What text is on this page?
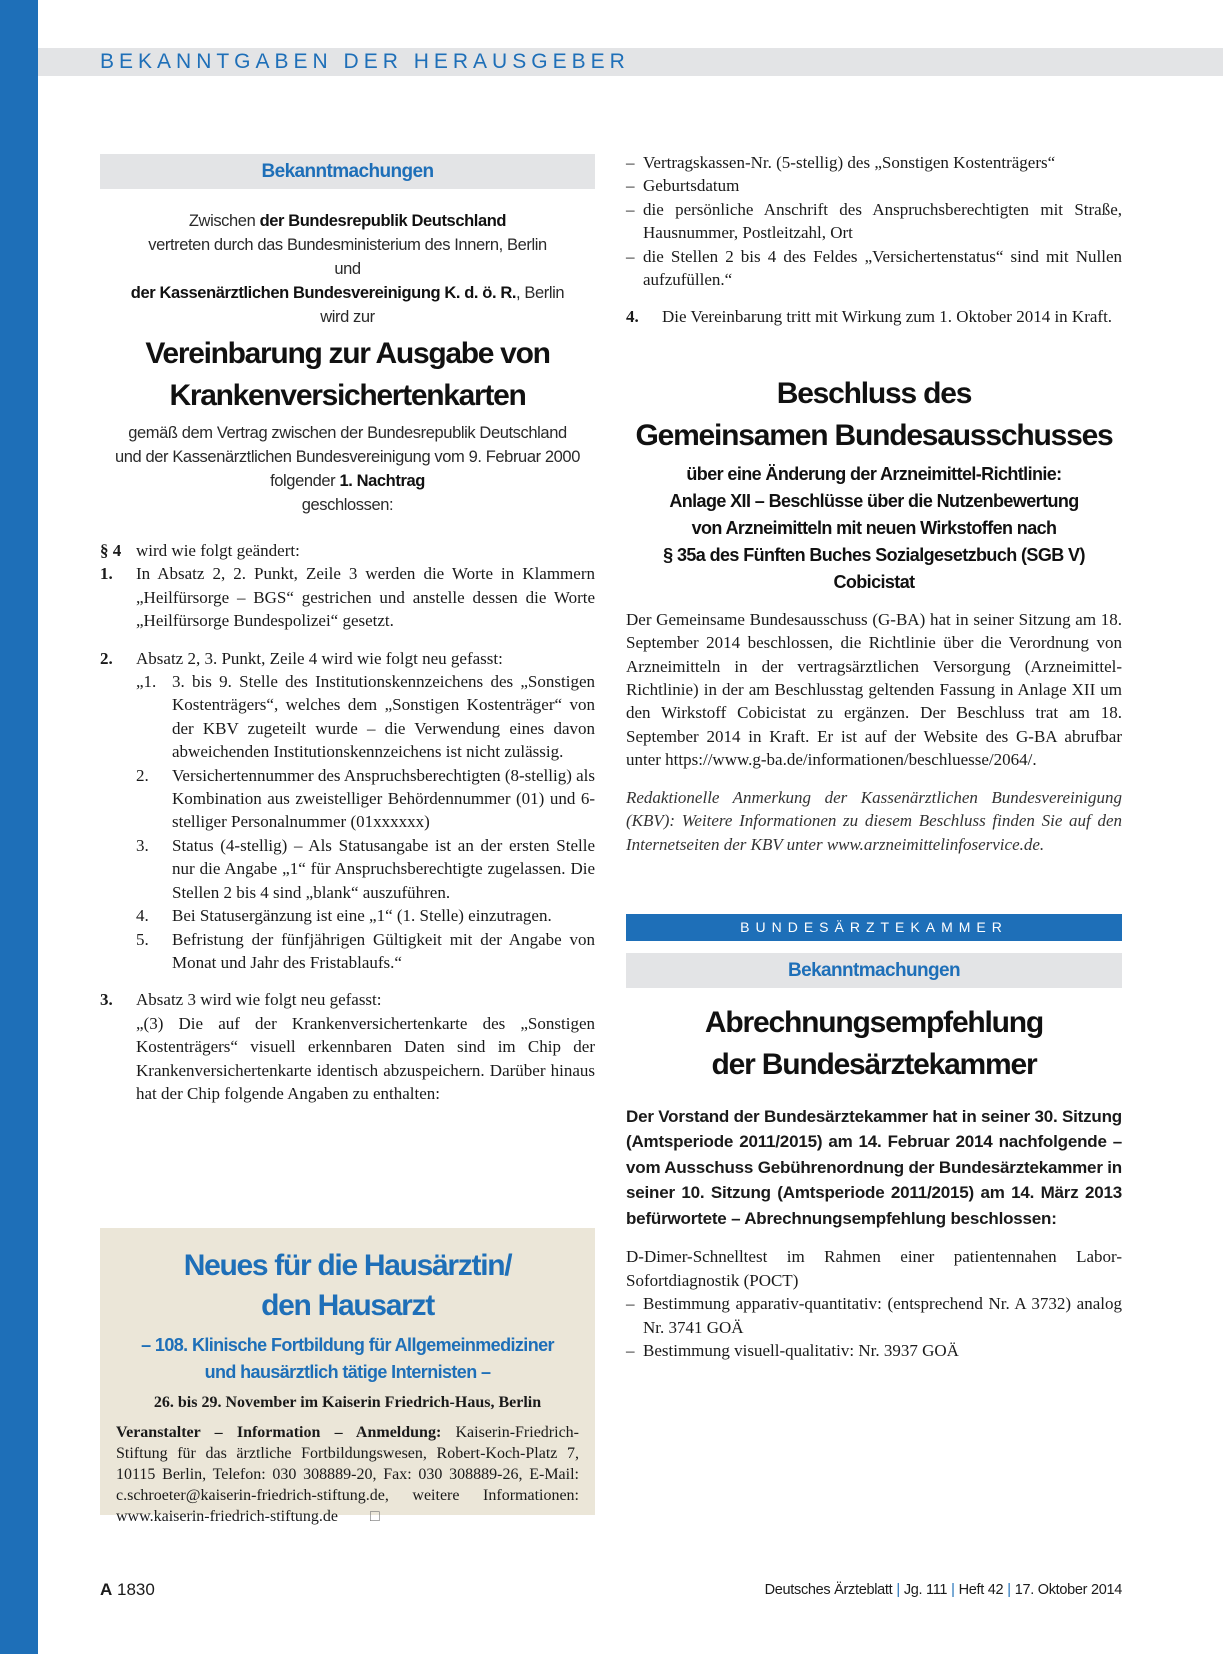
BEKANNTGABEN DER HERAUSGEBER
Bekanntmachungen
Zwischen der Bundesrepublik Deutschland
vertreten durch das Bundesministerium des Innern, Berlin
und
der Kassenärztlichen Bundesvereinigung K. d. ö. R., Berlin
wird zur
Vereinbarung zur Ausgabe von
Krankenversichertenkarten
gemäß dem Vertrag zwischen der Bundesrepublik Deutschland
und der Kassenärztlichen Bundesvereinigung vom 9. Februar 2000
folgender 1. Nachtrag
geschlossen:
§ 4 wird wie folgt geändert:
1. In Absatz 2, 2. Punkt, Zeile 3 werden die Worte in Klammern „Heilfürsorge – BGS“ gestrichen und anstelle dessen die Worte „Heilfürsorge Bundespolizei“ gesetzt.
2. Absatz 2, 3. Punkt, Zeile 4 wird wie folgt neu gefasst:
„1. 3. bis 9. Stelle des Institutionskennzeichens des „Sonstigen Kostenträgers“, welches dem „Sonstigen Kostenträger“ von der KBV zugeteilt wurde – die Verwendung eines davon abweichenden Institutionskennzeichens ist nicht zulässig.
2. Versichertennummer des Anspruchsberechtigten (8-stellig) als Kombination aus zweistelliger Behördennummer (01) und 6-stelliger Personalnummer (01xxxxxx)
3. Status (4-stellig) – Als Statusangabe ist an der ersten Stelle nur die Angabe „1“ für Anspruchsberechtigte zugelassen. Die Stellen 2 bis 4 sind „blank“ auszuführen.
4. Bei Statusergänzung ist eine „1“ (1. Stelle) einzutragen.
5. Befristung der fünfjährigen Gültigkeit mit der Angabe von Monat und Jahr des Fristablaufs.“
3. Absatz 3 wird wie folgt neu gefasst:
„(3) Die auf der Krankenversichertenkarte des „Sonstigen Kostenträgers“ visuell erkennbaren Daten sind im Chip der Krankenversichertenkarte identisch abzuspeichern. Darüber hinaus hat der Chip folgende Angaben zu enthalten:
Neues für die Hausärztin/
den Hausarzt
– 108. Klinische Fortbildung für Allgemeinmediziner
und hausärztlich tätige Internisten –
26. bis 29. November im Kaiserin Friedrich-Haus, Berlin
Veranstalter – Information – Anmeldung: Kaiserin-Friedrich-Stiftung für das ärztliche Fortbildungswesen, Robert-Koch-Platz 7, 10115 Berlin, Telefon: 030 308889-20, Fax: 030 308889-26, E-Mail: c.schroeter@kaiserin-friedrich-stiftung.de, weitere Informationen: www.kaiserin-friedrich-stiftung.de □
– Vertragskassen-Nr. (5-stellig) des „Sonstigen Kostenträgers“
– Geburtsdatum
– die persönliche Anschrift des Anspruchsberechtigten mit Straße, Hausnummer, Postleitzahl, Ort
– die Stellen 2 bis 4 des Feldes „Versichertenstatus“ sind mit Nullen aufzufüllen.“
4. Die Vereinbarung tritt mit Wirkung zum 1. Oktober 2014 in Kraft.
Beschluss des
Gemeinsamen Bundesausschusses
über eine Änderung der Arzneimittel-Richtlinie:
Anlage XII – Beschlüsse über die Nutzenbewertung
von Arzneimitteln mit neuen Wirkstoffen nach
§ 35a des Fünften Buches Sozialgesetzbuch (SGB V)
Cobicistat
Der Gemeinsame Bundesausschuss (G-BA) hat in seiner Sitzung am 18. September 2014 beschlossen, die Richtlinie über die Verordnung von Arzneimitteln in der vertragsärztlichen Versorgung (Arzneimittel-Richtlinie) in der am Beschlusstag geltenden Fassung in Anlage XII um den Wirkstoff Cobicistat zu ergänzen. Der Beschluss trat am 18. September 2014 in Kraft. Er ist auf der Website des G-BA abrufbar unter https://www.g-ba.de/informationen/beschluesse/2064/.
Redaktionelle Anmerkung der Kassenärztlichen Bundesvereinigung (KBV): Weitere Informationen zu diesem Beschluss finden Sie auf den Internetseiten der KBV unter www.arzneimittelinfoservice.de.
BUNDESÄRZTEKAMMER
Bekanntmachungen
Abrechnungsempfehlung
der Bundesärztekammer
Der Vorstand der Bundesärztekammer hat in seiner 30. Sitzung (Amtsperiode 2011/2015) am 14. Februar 2014 nachfolgende – vom Ausschuss Gebührenordnung der Bundesärztekammer in seiner 10. Sitzung (Amtsperiode 2011/2015) am 14. März 2013 befürwortete – Abrechnungsempfehlung beschlossen:
D-Dimer-Schnelltest im Rahmen einer patientennahen Labor-Sofortdiagnostik (POCT)
– Bestimmung apparativ-quantitativ: (entsprechend Nr. A 3732) analog Nr. 3741 GOÄ
– Bestimmung visuell-qualitativ: Nr. 3937 GOÄ
A 1830	Deutsches Ärzteblatt | Jg. 111 | Heft 42 | 17. Oktober 2014
